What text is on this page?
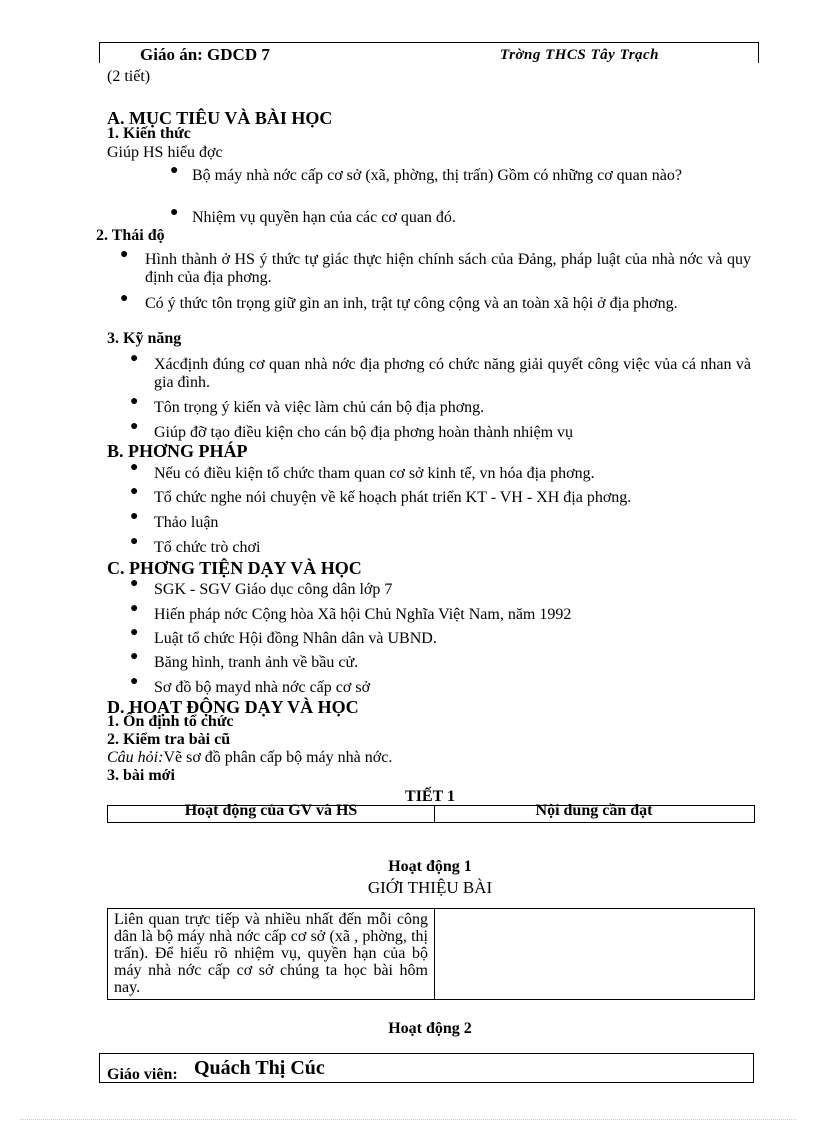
Giáo án: GDCD 7	Trờng THCS Tây Trạch
(2 tiết)
A. MỤC TIÊU VÀ BÀI HỌC
1. Kiến thức
Giúp HS hiểu đợc
● Bộ máy nhà nớc cấp cơ sở (xã, phờng, thị trấn) Gồm có những cơ quan nào?
● Nhiệm vụ quyền hạn của các cơ quan đó.
2. Thái độ
● Hình thành ở HS ý thức tự giác thực hiện chính sách của Đảng, pháp luật của nhà nớc và quy định của địa phơng.
● Có ý thức tôn trọng giữ gìn an inh, trật tự công cộng và an toàn xã hội ở địa phơng.
3. Kỹ năng
● Xácđịnh đúng cơ quan nhà nớc địa phơng có chức năng giải quyết công việc vủa cá nhan và gia đình.
● Tôn trọng ý kiến và việc làm chủ cán bộ địa phơng.
● Giúp đỡ tạo điều kiện cho cán bộ địa phơng hoàn thành nhiệm vụ
B. PHƠNG PHÁP
● Nếu có điều kiện tổ chức tham quan cơ sở kinh tế, vn hóa địa phơng.
● Tổ chức nghe nói chuyện về kế hoạch phát triển KT - VH - XH địa phơng.
● Thảo luận
● Tổ chức trò chơi
C. PHƠNG TIỆN DẠY VÀ HỌC
● SGK - SGV Giáo dục công dân lớp 7
● Hiến pháp nớc Cộng hòa Xã hội Chủ Nghĩa Việt Nam, năm 1992
● Luật tổ chức Hội đồng Nhân dân và UBND.
● Băng hình, tranh ảnh về bầu cử.
● Sơ đồ bộ mayd nhà nớc cấp cơ sở
D. HOẠT ĐỘNG DẠY VÀ HỌC
1. Ổn định tổ chức
2. Kiểm tra bài cũ
Câu hỏi:Vẽ sơ đồ phân cấp bộ máy nhà nớc.
3. bài mới
TIẾT 1
Hoạt động của GV và HS	Nội dung cần đạt
Hoạt động 1
GIỚI THIỆU BÀI
Liên quan trực tiếp và nhiều nhất đến mỗi công dân là bộ máy nhà nớc cấp cơ sở (xã , phờng, thị trấn). Để hiểu rõ nhiệm vụ, quyền hạn của bộ máy nhà nớc cấp cơ sở chúng ta học bài hôm nay.
Hoạt động 2
Giáo viên: Quách Thị Cúc
